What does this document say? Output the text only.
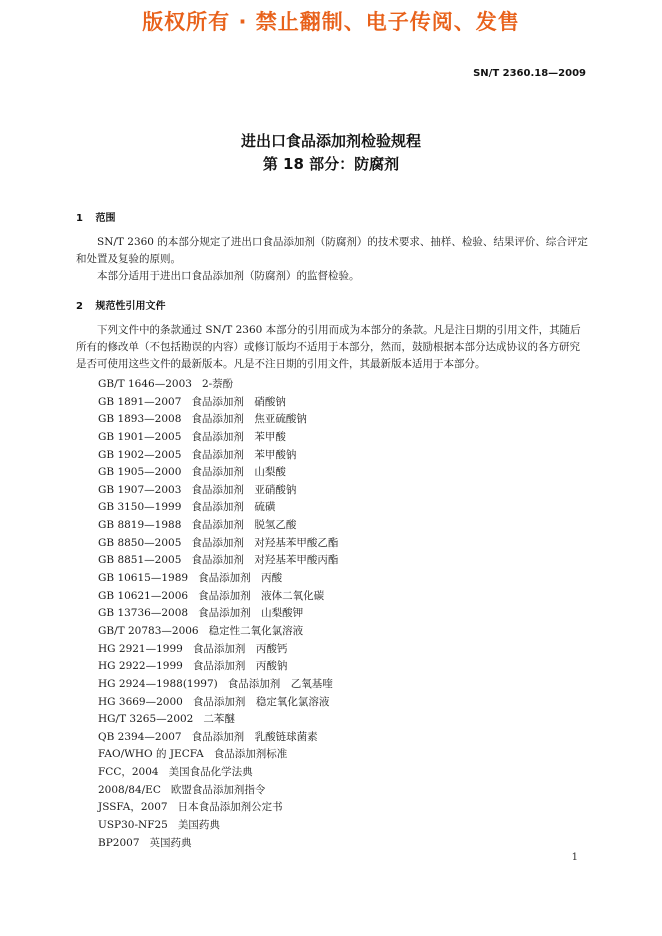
版权所有 · 禁止翻制、电子传阅、发售
SN/T 2360.18—2009
进出口食品添加剂检验规程
第 18 部分：防腐剂
1 范围
SN/T 2360 的本部分规定了进出口食品添加剂（防腐剂）的技术要求、抽样、检验、结果评价、综合评定和处置及复验的原则。
本部分适用于进出口食品添加剂（防腐剂）的监督检验。
2 规范性引用文件
下列文件中的条款通过 SN/T 2360 本部分的引用而成为本部分的条款。凡是注日期的引用文件，其随后所有的修改单（不包括勘误的内容）或修订版均不适用于本部分，然而，鼓励根据本部分达成协议的各方研究是否可使用这些文件的最新版本。凡是不注日期的引用文件，其最新版本适用于本部分。
GB/T 1646—2003 2-萘酚
GB 1891—2007 食品添加剂　硝酸钠
GB 1893—2008 食品添加剂　焦亚硫酸钠
GB 1901—2005 食品添加剂　苯甲酸
GB 1902—2005 食品添加剂　苯甲酸钠
GB 1905—2000 食品添加剂　山梨酸
GB 1907—2003 食品添加剂　亚硝酸钠
GB 3150—1999 食品添加剂　硫磺
GB 8819—1988 食品添加剂　脱氢乙酸
GB 8850—2005 食品添加剂　对羟基苯甲酸乙酯
GB 8851—2005 食品添加剂　对羟基苯甲酸丙酯
GB 10615—1989 食品添加剂　丙酸
GB 10621—2006 食品添加剂　液体二氧化碳
GB 13736—2008 食品添加剂　山梨酸钾
GB/T 20783—2006 稳定性二氧化氯溶液
HG 2921—1999 食品添加剂　丙酸钙
HG 2922—1999 食品添加剂　丙酸钠
HG 2924—1988(1997) 食品添加剂　乙氧基喹
HG 3669—2000 食品添加剂　稳定氧化氯溶液
HG/T 3265—2002 二苯醚
QB 2394—2007 食品添加剂　乳酸链球菌素
FAO/WHO 的 JECFA 食品添加剂标准
FCC，2004 美国食品化学法典
2008/84/EC 欧盟食品添加剂指令
JSSFA，2007 日本食品添加剂公定书
USP30-NF25 美国药典
BP2007 英国药典
1
